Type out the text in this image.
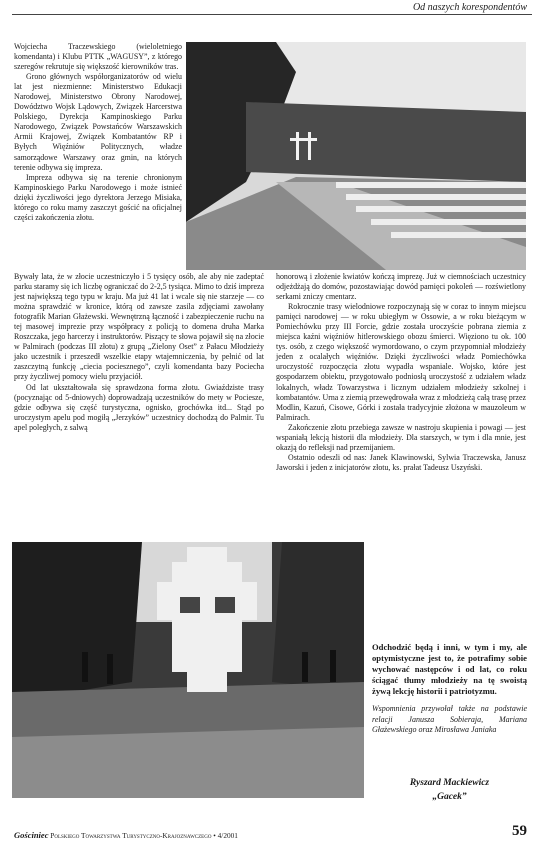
Od naszych korespondentów

Wojciecha Traczewskiego (wieloletniego komendanta) i Klubu PTTK „WAGUSY”, z którego szeregów rekrutuje się większość kierowników tras.

Grono głównych współorganizatorów od wielu lat jest niezmienne: Ministerstwo Edukacji Narodowej, Ministerstwo Obrony Narodowej, Dowództwo Wojsk Lądowych, Związek Harcerstwa Polskiego, Dyrekcja Kampinoskiego Parku Narodowego, Związek Powstańców Warszawskich Armii Krajowej, Związek Kombatantów RP i Byłych Więźniów Politycznych, władze samorządowe Warszawy oraz gmin, na których terenie odbywa się impreza.

Impreza odbywa się na terenie chronionym Kampinoskiego Parku Narodowego i może istnieć dzięki życzliwości jego dyrektora Jerzego Misiaka, którego co roku mamy zaszczyt gościć na oficjalnej części zakończenia złotu.

Bywały lata, że w złocie uczestniczyło i 5 tysięcy osób, ale aby nie zadeptać parku staramy się ich liczbę ograniczać do 2-2,5 tysiąca. Mimo to dziś impreza jest największą tego typu w kraju. Ma już 41 lat i wcale się nie starzeje — co można sprawdzić w kronice, którą od zawsze zasila zdjęciami zawołany fotografik Marian Głażewski. Wewnętrzną łączność i zabezpieczenie ruchu na tej masowej imprezie przy współpracy z policją to domena druha Marka Roszczaka, jego harcerzy i instruktorów. Piszący te słowa pojawił się na złocie w Palmirach (podczas III złotu) z grupą „Zielony Oset” z Pałacu Młodzieży jako uczestnik i przeszedł wszelkie etapy wtajemniczenia, by pełnić od lat zaszczytną funkcję „ciecia pociesznego”, czyli komendanta bazy Pociecha przy życzliwej pomocy wielu przyjaciół.

Od lat ukształtowała się sprawdzona forma złotu. Gwiaździste trasy (pocyznając od 5-dniowych) doprowadzają uczestników do mety w Pociesze, gdzie odbywa się część turystyczna, ognisko, grochówka itd... Stąd po uroczystym apelu pod mogiłą „Jerzyków” uczestnicy dochodzą do Palmir. Tu apel poległych, z salwą

honorową i złożenie kwiatów kończą imprezę. Już w ciemnościach uczestnicy odjeżdżają do domów, pozostawiając dowód pamięci pokoleń — rozświetlony serkami zniczy cmentarz.

Rokrocznie trasy wielodniowe rozpoczynają się w coraz to innym miejscu pamięci narodowej — w roku ubiegłym w Ossowie, a w roku bieżącym w Pomiechówku przy III Forcie, gdzie została uroczyście pobrana ziemia z miejsca kaźni więźniów hitlerowskiego obozu śmierci. Więziono tu ok. 100 tys. osób, z czego większość wymordowano, o czym przypomniał młodzieży jeden z ocalałych więźniów. Dzięki życzliwości władz Pomiechówka uroczystość rozpoczęcia złotu wypadła wspaniale. Wojsko, które jest gospodarzem obiektu, przygotowało podniosłą uroczystość z udziałem władz lokalnych, władz Towarzystwa i licznym udziałem młodzieży szkolnej i kombatantów. Urna z ziemią przewędrowała wraz z młodzieżą całą trasę przez Modlin, Kazuń, Cisowe, Górki i została tradycyjnie złożona w mauzoleum w Palmirach.

Zakończenie złotu przebiega zawsze w nastroju skupienia i powagi — jest wspaniałą lekcją historii dla młodzieży. Dla starszych, w tym i dla mnie, jest okazją do refleksji nad przemijaniem.

Ostatnio odeszli od nas: Janek Klawinowski, Sylwia Traczewska, Janusz Jaworski i jeden z inicjatorów złotu, ks. prałat Tadeusz Uszyński.

Odchodzić będą i inni, w tym i my, ale optymistyczne jest to, że potrafimy sobie wychować następców i od lat, co roku ściągać tłumy młodzieży na tę swoistą żywą lekcję historii i patriotyzmu.
Wspomnienia przywołał także na podstawie relacji Janusza Sobieraja, Mariana Głażewskiego oraz Mirosława Janiaka
Ryszard Mackiewicz
„Gacek”
Gościniec Polskiego Towarzystwa Turystyczno-Krajoznawczego • 4/2001	59
